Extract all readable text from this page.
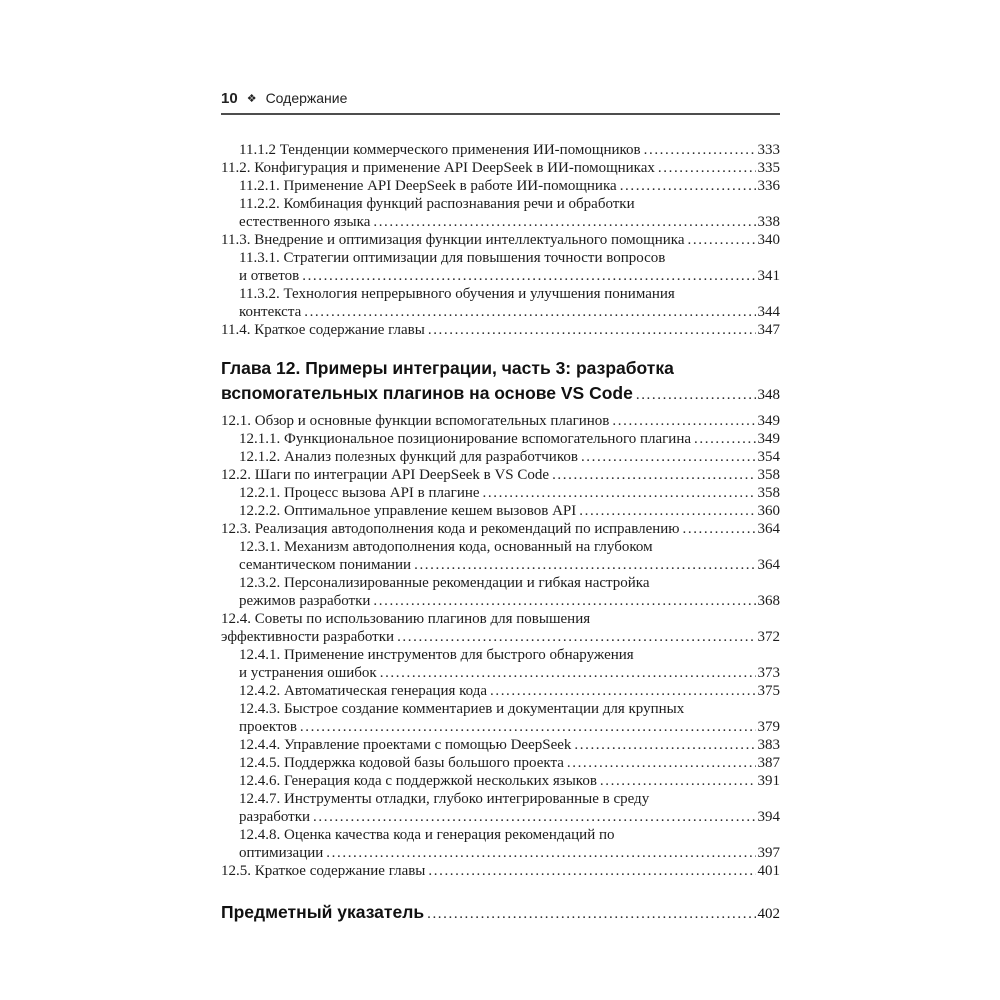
10 ❖ Содержание
11.1.2 Тенденции коммерческого применения ИИ-помощников .....	333
11.2. Конфигурация и применение API DeepSeek в ИИ-помощниках .....	335
11.2.1. Применение API DeepSeek в работе ИИ-помощника .....	336
11.2.2. Комбинация функций распознавания речи и обработки
естественного языка .....	338
11.3. Внедрение и оптимизация функции интеллектуального помощника .....	340
11.3.1. Стратегии оптимизации для повышения точности вопросов
и ответов .....	341
11.3.2. Технология непрерывного обучения и улучшения понимания
контекста .....	344
11.4. Краткое содержание главы .....	347
Глава 12. Примеры интеграции, часть 3: разработка
вспомогательных плагинов на основе VS Code .....	348
12.1. Обзор и основные функции вспомогательных плагинов .....	349
12.1.1. Функциональное позиционирование вспомогательного плагина .....	349
12.1.2. Анализ полезных функций для разработчиков .....	354
12.2. Шаги по интеграции API DeepSeek в VS Code .....	358
12.2.1. Процесс вызова API в плагине .....	358
12.2.2. Оптимальное управление кешем вызовов API .....	360
12.3. Реализация автодополнения кода и рекомендаций по исправлению .....	364
12.3.1. Механизм автодополнения кода, основанный на глубоком
семантическом понимании .....	364
12.3.2. Персонализированные рекомендации и гибкая настройка
режимов разработки .....	368
12.4. Советы по использованию плагинов для повышения
эффективности разработки .....	372
12.4.1. Применение инструментов для быстрого обнаружения
и устранения ошибок .....	373
12.4.2. Автоматическая генерация кода .....	375
12.4.3. Быстрое создание комментариев и документации для крупных
проектов .....	379
12.4.4. Управление проектами с помощью DeepSeek .....	383
12.4.5. Поддержка кодовой базы большого проекта .....	387
12.4.6. Генерация кода с поддержкой нескольких языков .....	391
12.4.7. Инструменты отладки, глубоко интегрированные в среду
разработки .....	394
12.4.8. Оценка качества кода и генерация рекомендаций по
оптимизации .....	397
12.5. Краткое содержание главы .....	401
Предметный указатель .....	402
